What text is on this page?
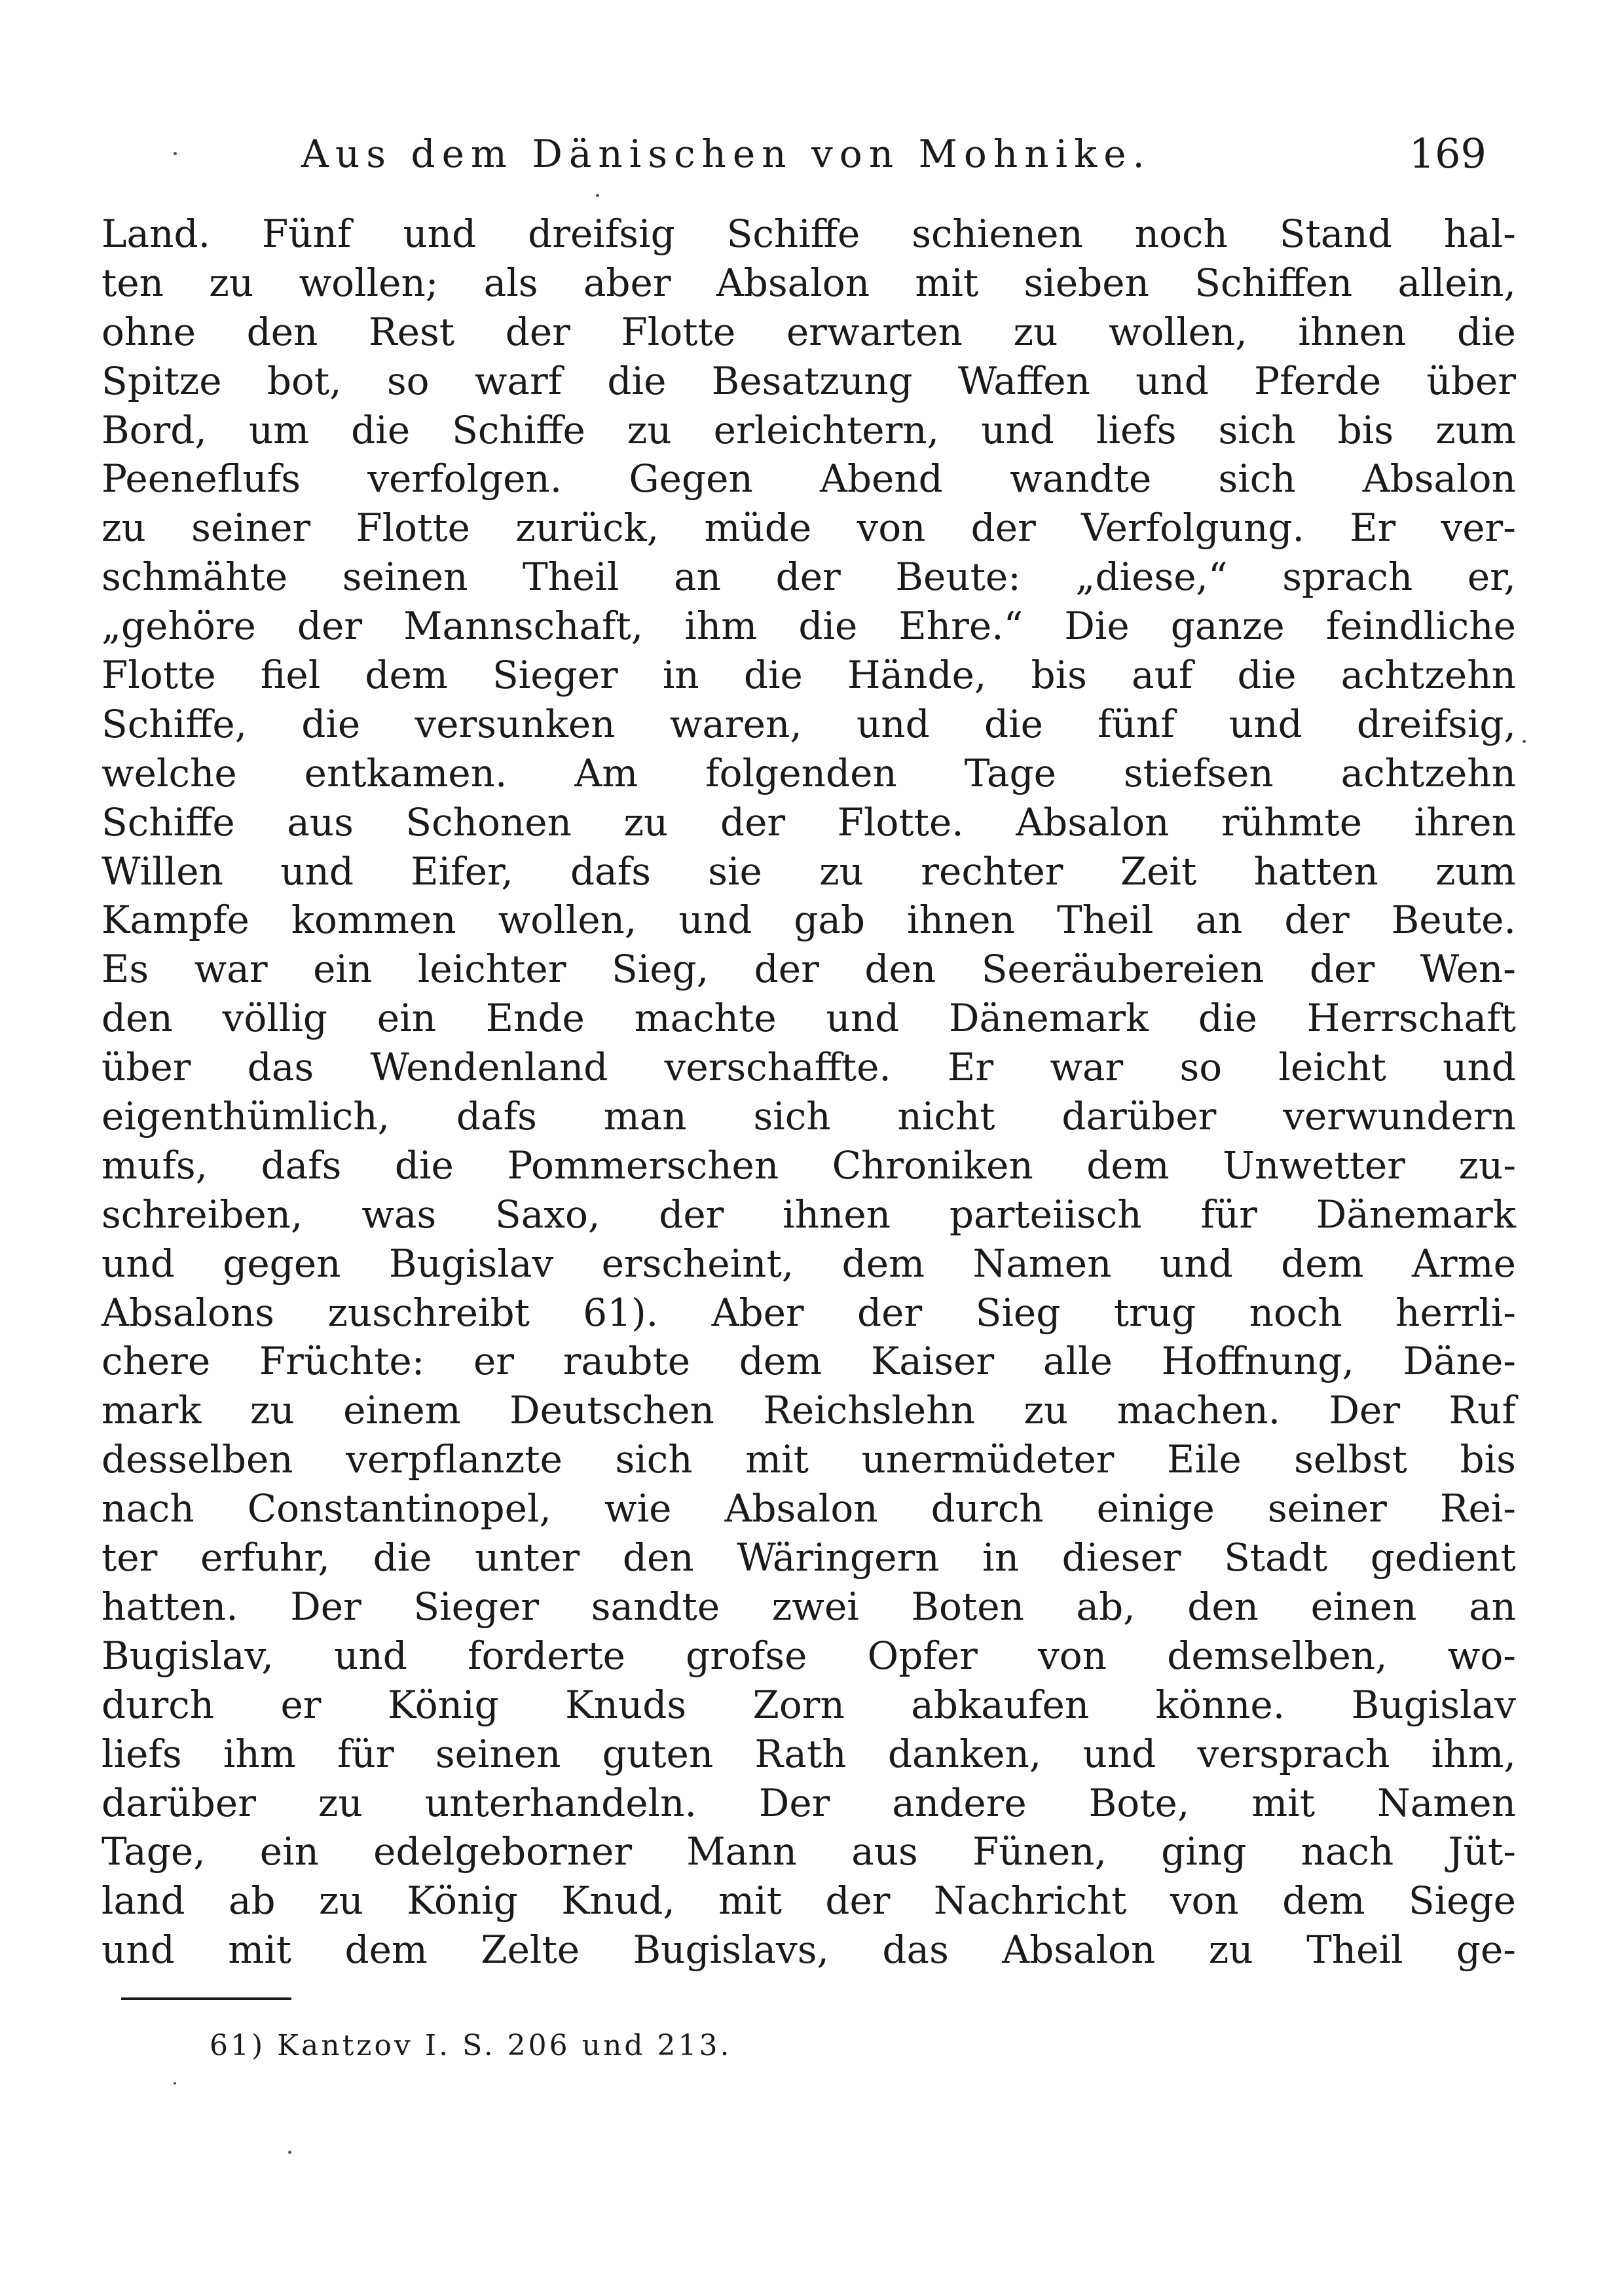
Aus dem Dänischen von Mohnike.	169
Land. Fünf und dreifsig Schiffe schienen noch Stand hal-
ten zu wollen; als aber Absalon mit sieben Schiffen allein,
ohne den Rest der Flotte erwarten zu wollen, ihnen die
Spitze bot, so warf die Besatzung Waffen und Pferde über
Bord, um die Schiffe zu erleichtern, und liefs sich bis zum
Peeneflufs verfolgen. Gegen Abend wandte sich Absalon
zu seiner Flotte zurück, müde von der Verfolgung. Er ver-
schmähte seinen Theil an der Beute: „diese,“ sprach er,
„gehöre der Mannschaft, ihm die Ehre.“ Die ganze feindliche
Flotte fiel dem Sieger in die Hände, bis auf die achtzehn
Schiffe, die versunken waren, und die fünf und dreifsig,
welche entkamen. Am folgenden Tage stiefsen achtzehn
Schiffe aus Schonen zu der Flotte. Absalon rühmte ihren
Willen und Eifer, dafs sie zu rechter Zeit hatten zum
Kampfe kommen wollen, und gab ihnen Theil an der Beute.
Es war ein leichter Sieg, der den Seeräubereien der Wen-
den völlig ein Ende machte und Dänemark die Herrschaft
über das Wendenland verschaffte. Er war so leicht und
eigenthümlich, dafs man sich nicht darüber verwundern
mufs, dafs die Pommerschen Chroniken dem Unwetter zu-
schreiben, was Saxo, der ihnen parteiisch für Dänemark
und gegen Bugislav erscheint, dem Namen und dem Arme
Absalons zuschreibt 61). Aber der Sieg trug noch herrli-
chere Früchte: er raubte dem Kaiser alle Hoffnung, Däne-
mark zu einem Deutschen Reichslehn zu machen. Der Ruf
desselben verpflanzte sich mit unermüdeter Eile selbst bis
nach Constantinopel, wie Absalon durch einige seiner Rei-
ter erfuhr, die unter den Wäringern in dieser Stadt gedient
hatten. Der Sieger sandte zwei Boten ab, den einen an
Bugislav, und forderte grofse Opfer von demselben, wo-
durch er König Knuds Zorn abkaufen könne. Bugislav
liefs ihm für seinen guten Rath danken, und versprach ihm,
darüber zu unterhandeln. Der andere Bote, mit Namen
Tage, ein edelgeborner Mann aus Fünen, ging nach Jüt-
land ab zu König Knud, mit der Nachricht von dem Siege
und mit dem Zelte Bugislavs, das Absalon zu Theil ge-
61) Kantzov I. S. 206 und 213.
